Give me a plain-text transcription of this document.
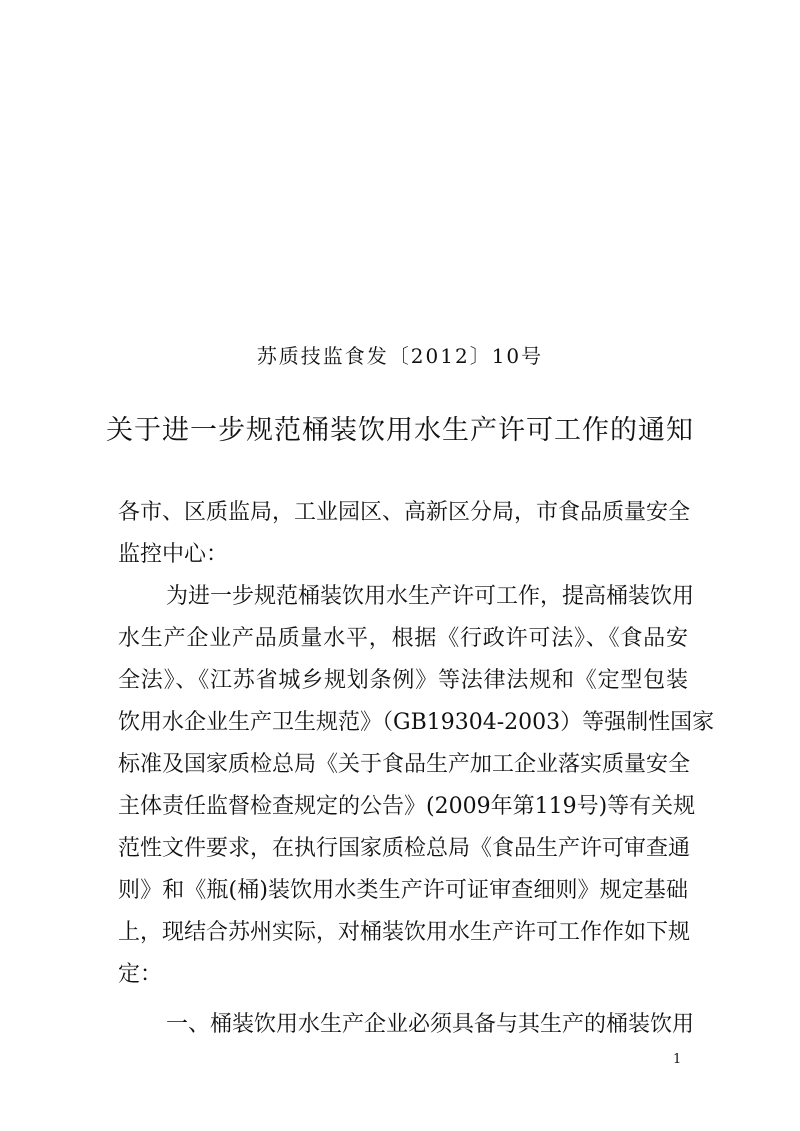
苏质技监食发〔2012〕10号
关于进一步规范桶装饮用水生产许可工作的通知
各市、区质监局，工业园区、高新区分局，市食品质量安全
监控中心：
为进一步规范桶装饮用水生产许可工作，提高桶装饮用
水生产企业产品质量水平，根据《行政许可法》、《食品安
全法》、《江苏省城乡规划条例》等法律法规和《定型包装
饮用水企业生产卫生规范》（GB19304-2003）等强制性国家
标准及国家质检总局《关于食品生产加工企业落实质量安全
主体责任监督检查规定的公告》(2009年第119号)等有关规
范性文件要求，在执行国家质检总局《食品生产许可审查通
则》和《瓶(桶)装饮用水类生产许可证审查细则》规定基础
上，现结合苏州实际，对桶装饮用水生产许可工作作如下规
定：
一、桶装饮用水生产企业必须具备与其生产的桶装饮用
1
